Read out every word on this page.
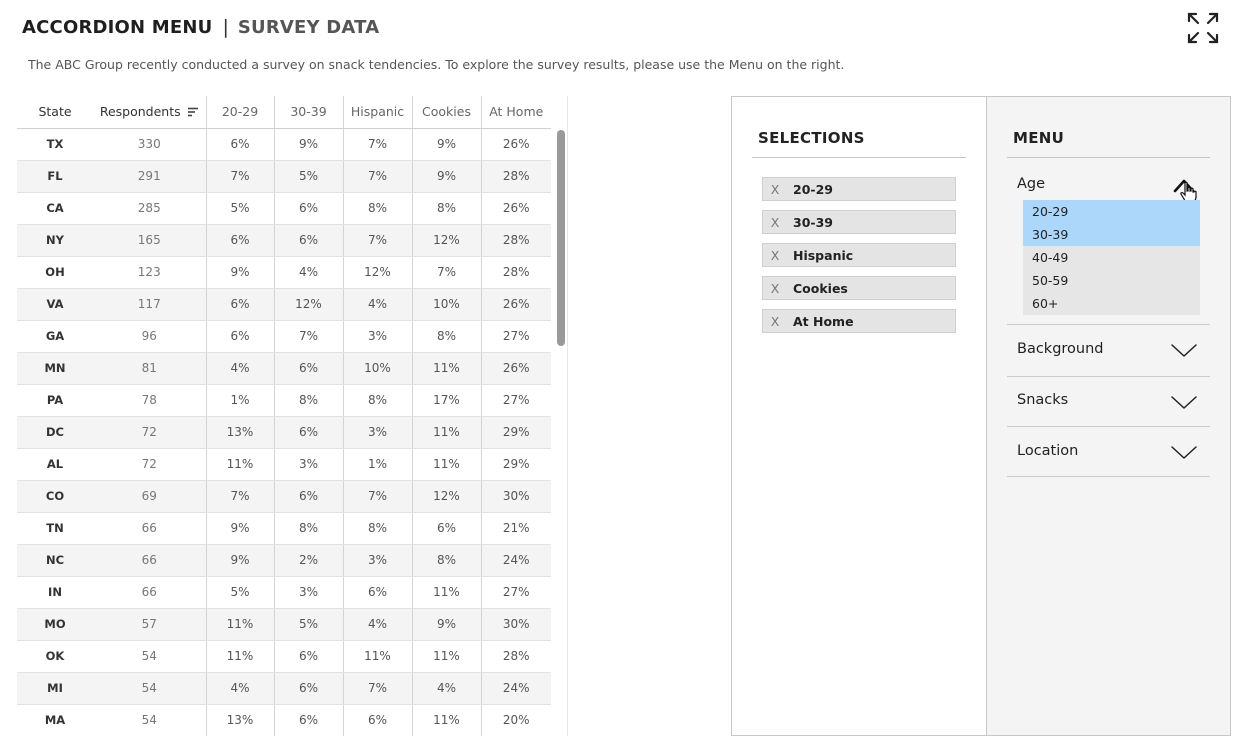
ACCORDION MENU | SURVEY DATA
The ABC Group recently conducted a survey on snack tendencies. To explore the survey results, please use the Menu on the right.
State	Respondents	20-29	30-39	Hispanic	Cookies	At Home
TX	330	6%	9%	7%	9%	26%
FL	291	7%	5%	7%	9%	28%
CA	285	5%	6%	8%	8%	26%
NY	165	6%	6%	7%	12%	28%
OH	123	9%	4%	12%	7%	28%
VA	117	6%	12%	4%	10%	26%
GA	96	6%	7%	3%	8%	27%
MN	81	4%	6%	10%	11%	26%
PA	78	1%	8%	8%	17%	27%
DC	72	13%	6%	3%	11%	29%
AL	72	11%	3%	1%	11%	29%
CO	69	7%	6%	7%	12%	30%
TN	66	9%	8%	8%	6%	21%
NC	66	9%	2%	3%	8%	24%
IN	66	5%	3%	6%	11%	27%
MO	57	11%	5%	4%	9%	30%
OK	54	11%	6%	11%	11%	28%
MI	54	4%	6%	7%	4%	24%
MA	54	13%	6%	6%	11%	20%
SELECTIONS
X	20-29
X	30-39
X	Hispanic
X	Cookies
X	At Home
MENU
Age
20-29
30-39
40-49
50-59
60+
Background
Snacks
Location
